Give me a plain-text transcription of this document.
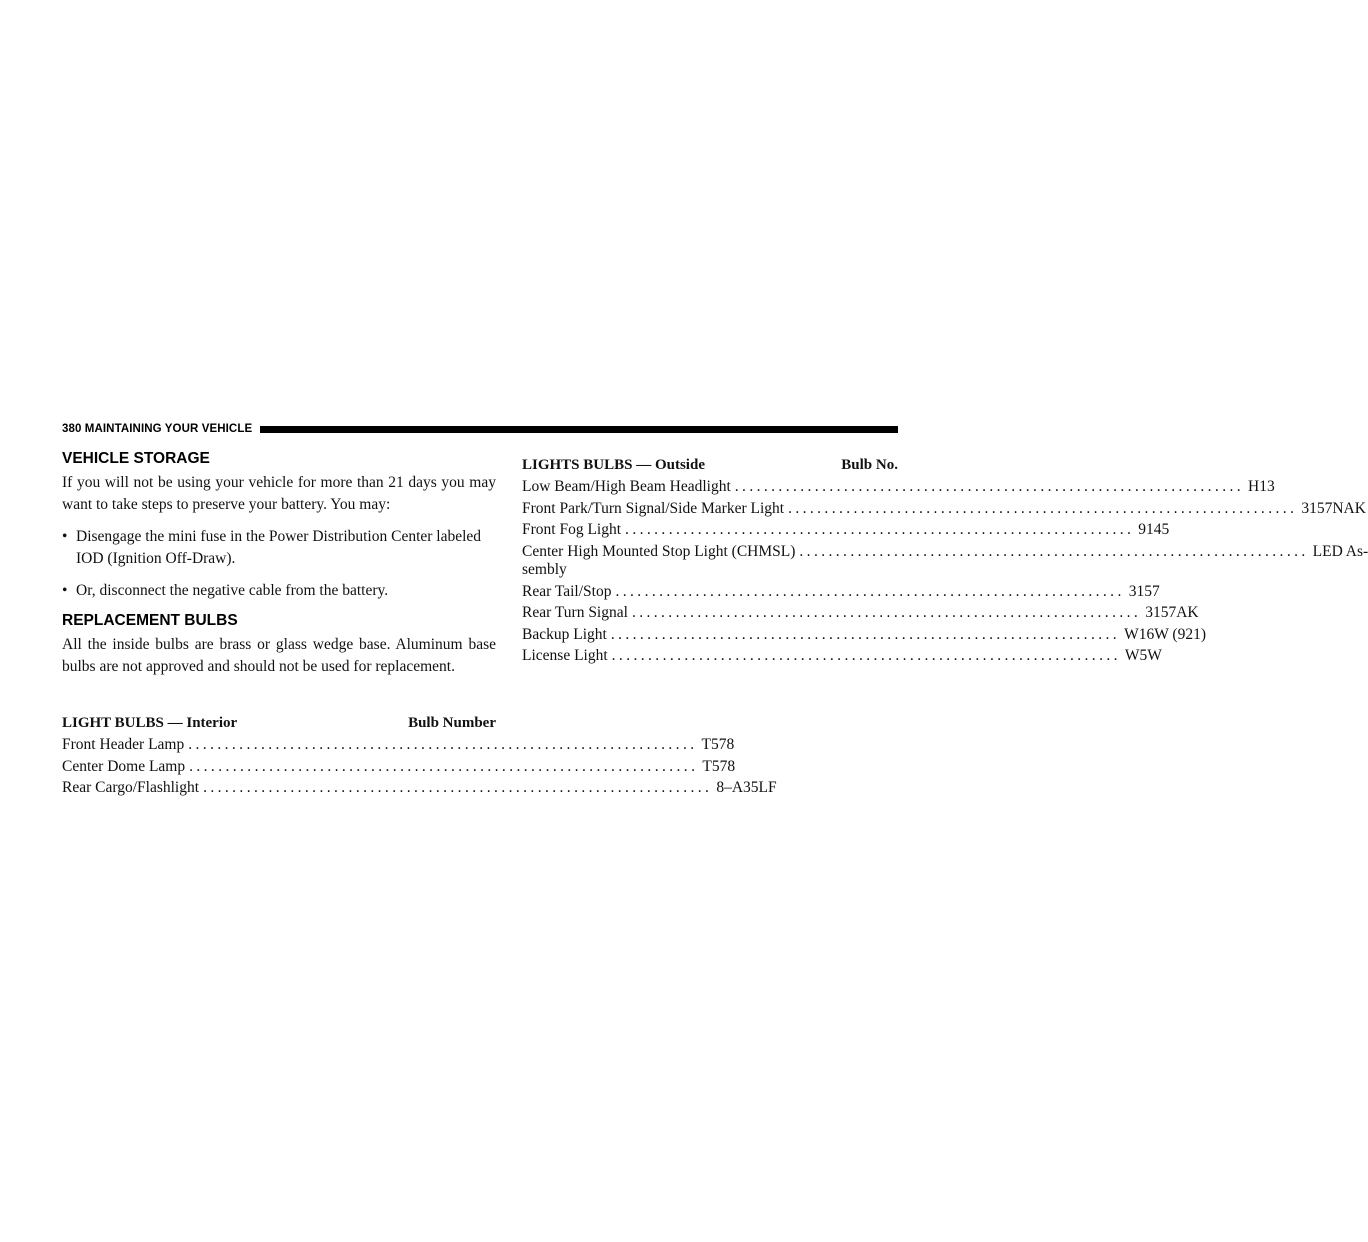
380 MAINTAINING YOUR VEHICLE
VEHICLE STORAGE

If you will not be using your vehicle for more than 21 days you may want to take steps to preserve your battery. You may:

• Disengage the mini fuse in the Power Distribution Center labeled IOD (Ignition Off-Draw).
• Or, disconnect the negative cable from the battery.
REPLACEMENT BULBS

All the inside bulbs are brass or glass wedge base. Aluminum base bulbs are not approved and should not be used for replacement.

LIGHT BULBS — Interior	Bulb Number
Front Header Lamp ...................................................................... T578
Center Dome Lamp ...................................................................... T578
Rear Cargo/Flashlight ...................................................................... 8–A35LF
LIGHTS BULBS — Outside	Bulb No.
Low Beam/High Beam Headlight ...................................................................... H13
Front Park/Turn Signal/Side Marker Light ...................................................................... 3157NAK
Front Fog Light ...................................................................... 9145
Center High Mounted Stop Light (CHMSL) ...................................................................... LED As-
sembly
Rear Tail/Stop ...................................................................... 3157
Rear Turn Signal ...................................................................... 3157AK
Backup Light ...................................................................... W16W (921)
License Light ...................................................................... W5W
